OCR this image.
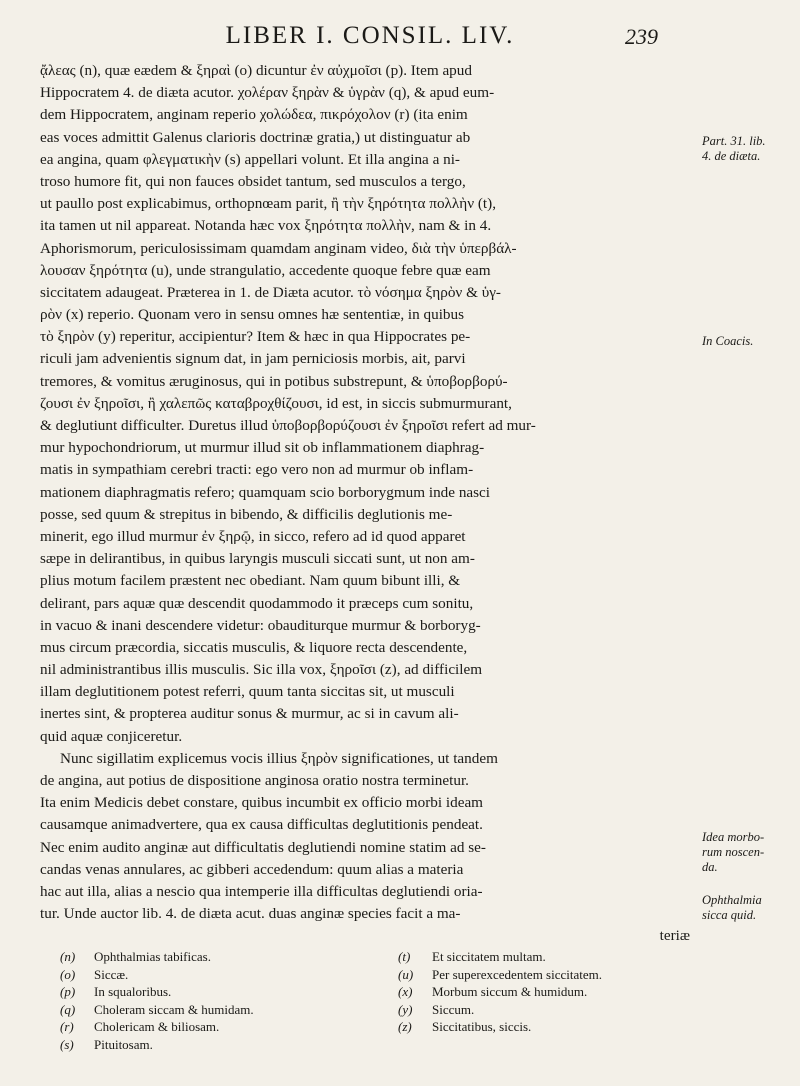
LIBER I. CONSIL. LIV.	239
ᾄλεας (n), quæ eædem & ξηραὶ (o) dicuntur ἐν αὐχμοῖσι (p). Item apud
Hippocratem 4. de diæta acutor. χολέραν ξηρὰν & ὑγρὰν (q), & apud eum-
dem Hippocratem, anginam reperio χολώδεα, πικρόχολον (r) (ita enim
eas voces admittit Galenus clarioris doctrinæ gratia,) ut distinguatur ab
ea angina, quam φλεγματικὴν (s) appellari volunt. Et illa angina a ni-
troso humore fit, qui non fauces obsidet tantum, sed musculos a tergo,
ut paullo post explicabimus, orthopnœam parit, ἢ τὴν ξηρότητα πολλὴν (t),
ita tamen ut nil appareat. Notanda hæc vox ξηρότητα πολλὴν, nam & in 4.
Aphorismorum, periculosissimam quamdam anginam video, διὰ τὴν ὑπερβάλ-
λουσαν ξηρότητα (u), unde strangulatio, accedente quoque febre quæ eam
siccitatem adaugeat. Præterea in 1. de Diæta acutor. τὸ νόσημα ξηρὸν & ὑγ-
ρὸν (x) reperio. Quonam vero in sensu omnes hæ sententiæ, in quibus
τὸ ξηρὸν (y) reperitur, accipientur? Item & hæc in qua Hippocrates pe-
riculi jam advenientis signum dat, in jam perniciosis morbis, ait, parvi
tremores, & vomitus æruginosus, qui in potibus substrepunt, & ὑποβορβορύ-
ζουσι ἐν ξηροῖσι, ἢ χαλεπῶς καταβροχθίζουσι, id est, in siccis submurmurant,
& deglutiunt difficulter. Duretus illud ὑποβορβορύζουσι ἐν ξηροῖσι refert ad mur-
mur hypochondriorum, ut murmur illud sit ob inflammationem diaphrag-
matis in sympathiam cerebri tracti: ego vero non ad murmur ob inflam-
mationem diaphragmatis refero; quamquam scio borborygmum inde nasci
posse, sed quum & strepitus in bibendo, & difficilis deglutionis me-
minerit, ego illud murmur ἐν ξηρῷ, in sicco, refero ad id quod apparet
sæpe in delirantibus, in quibus laryngis musculi siccati sunt, ut non am-
plius motum facilem præstent nec obediant. Nam quum bibunt illi, &
delirant, pars aquæ quæ descendit quodammodo it præceps cum sonitu,
in vacuo & inani descendere videtur: obauditurque murmur & borboryg-
mus circum præcordia, siccatis musculis, & liquore recta descendente,
nil administrantibus illis musculis. Sic illa vox, ξηροῖσι (z), ad difficilem
illam deglutitionem potest referri, quum tanta siccitas sit, ut musculi
inertes sint, & propterea auditur sonus & murmur, ac si in cavum ali-
quid aquæ conjiceretur.
Nunc sigillatim explicemus vocis illius ξηρὸν significationes, ut tandem
de angina, aut potius de dispositione anginosa oratio nostra terminetur.
Ita enim Medicis debet constare, quibus incumbit ex officio morbi ideam
causamque animadvertere, qua ex causa difficultas deglutitionis pendeat.
Nec enim audito anginæ aut difficultatis deglutiendi nomine statim ad se-
candas venas annulares, ac gibberi accedendum: quum alias a materia
hac aut illa, alias a nescio qua intemperie illa difficultas deglutiendi oria-
tur. Unde auctor lib. 4. de diæta acut. duas anginæ species facit a ma-
teriæ
Part. 31. lib.
4. de diæta.
In Coacis.
Idea morbo-
rum noscen-
da.
Ophthalmia
sicca quid.
(n) Ophthalmias tabificas.
(o) Siccæ.
(p) In squaloribus.
(q) Choleram siccam & humidam.
(r) Cholericam & biliosam.
(s) Pituitosam.
(t) Et siccitatem multam.
(u) Per superexcedentem siccitatem.
(x) Morbum siccum & humidum.
(y) Siccum.
(z) Siccitatibus, siccis.
